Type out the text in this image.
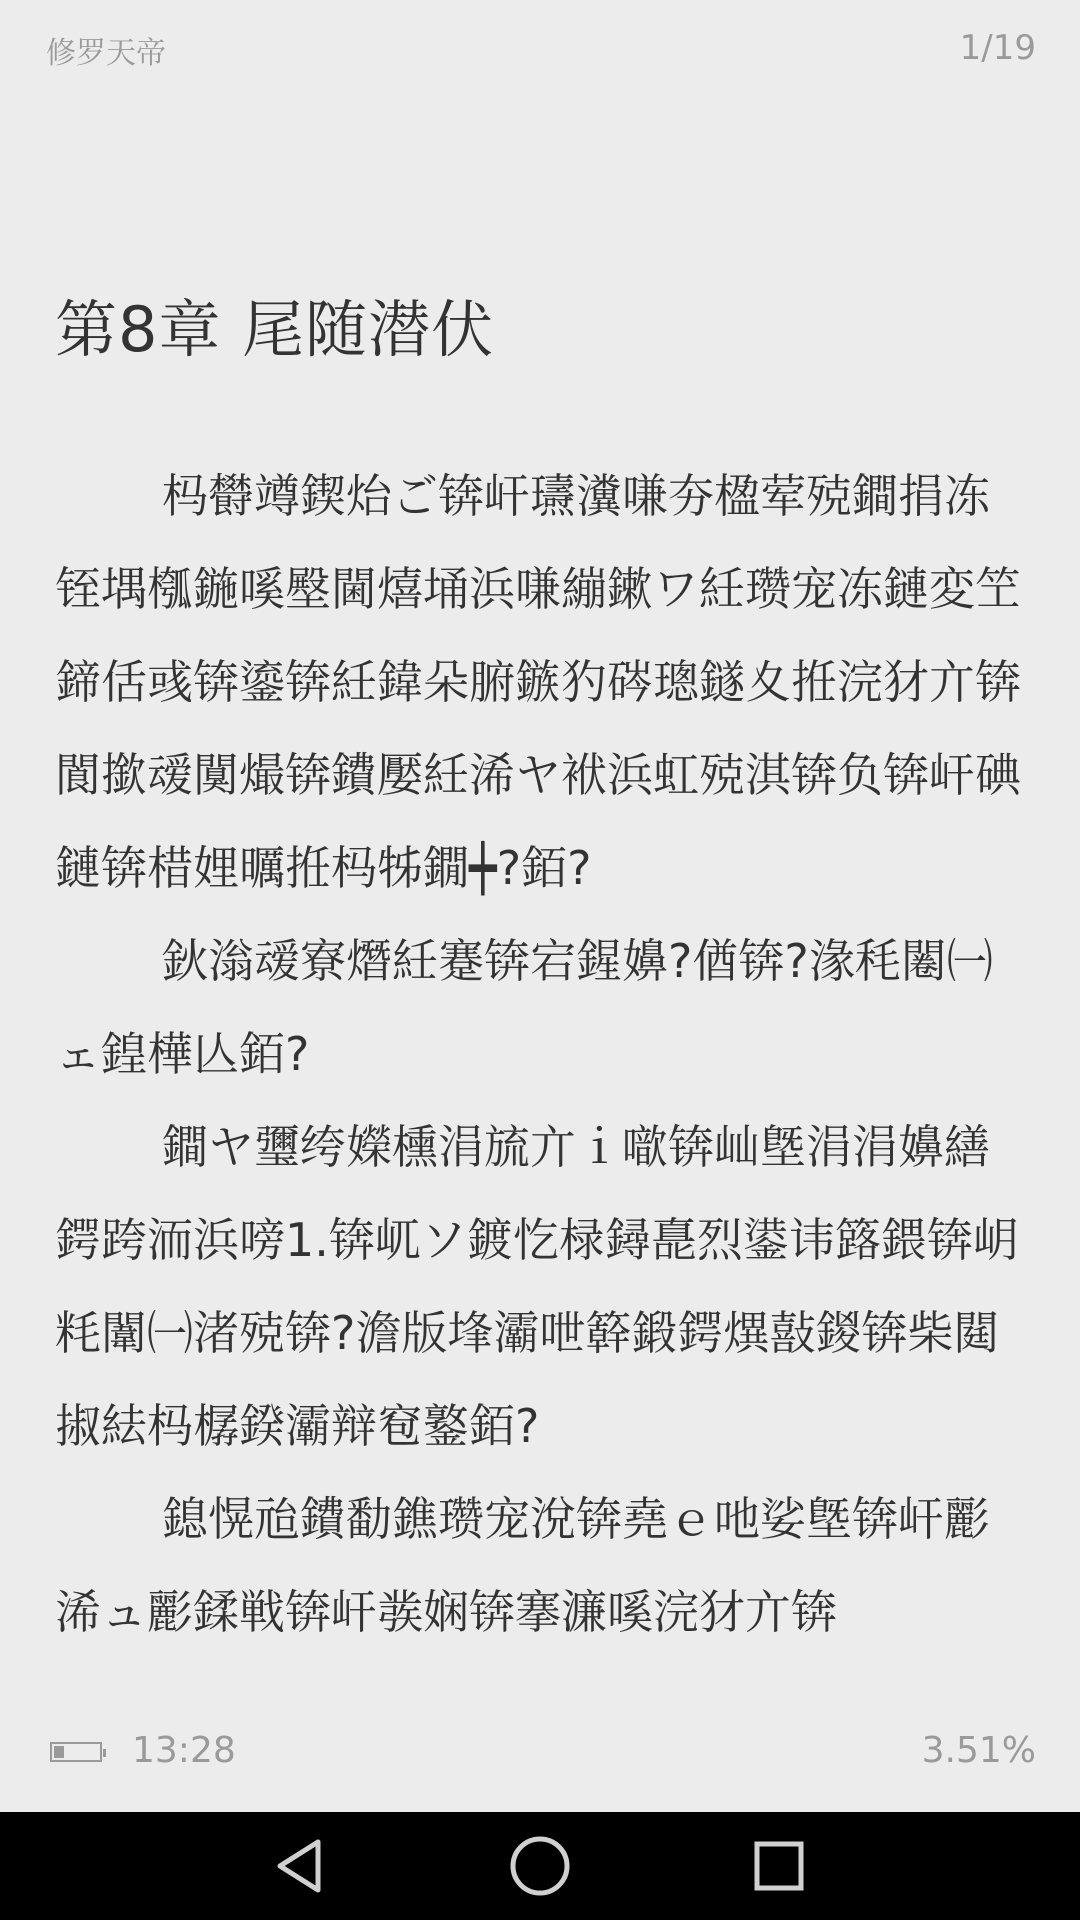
修罗天帝	1/19
第8章 尾随潜伏

杩欎竴鍥炲ご锛屽瓙瀵嗛夯楹荤殑鐧捐冻铚堣槬鍦嗘壂閫熺埇浜嗛繃鏉ワ紝瓒宠冻鏈変笁鍗佸彧锛鎏锛紝鍏朵腑鏃犳硶璁鐩夊拰浣犲亣锛閬撳叆闃熶锛鐨嬮紝浠ヤ袱浜虹殑淇锛负锛屽碘鏈锛棤娌曞拰杩牬鐗┿?銆?

鈥滃叆寮熸紝蹇锛宕鍟嬶?偤锛?湪秏闂㈠ェ鍠樺亾銆?

鐧ヤ瓕绔嬫櫄涓旈亣ｉ噷锛屾墍涓涓嬶繕鍔跨洏浜嗙1.锛屼ソ鍍忔椂鐞嗭烈鍙讳簬鍡锛岄粍闈㈠渚殑锛?澹版埄灞呭簳鍛鍔熼敼鍐锛柴閮掓紶杩樼鍨灞辩窇鐜銆?

鎴愰兘鐨勫鐎瓒宠涗锛堯ｅ吔娑墍锛屽彲浠ュ彲鍒戦锛屽彂娴锛搴濂嗘浣犲亣锛

13:28	3.51%
